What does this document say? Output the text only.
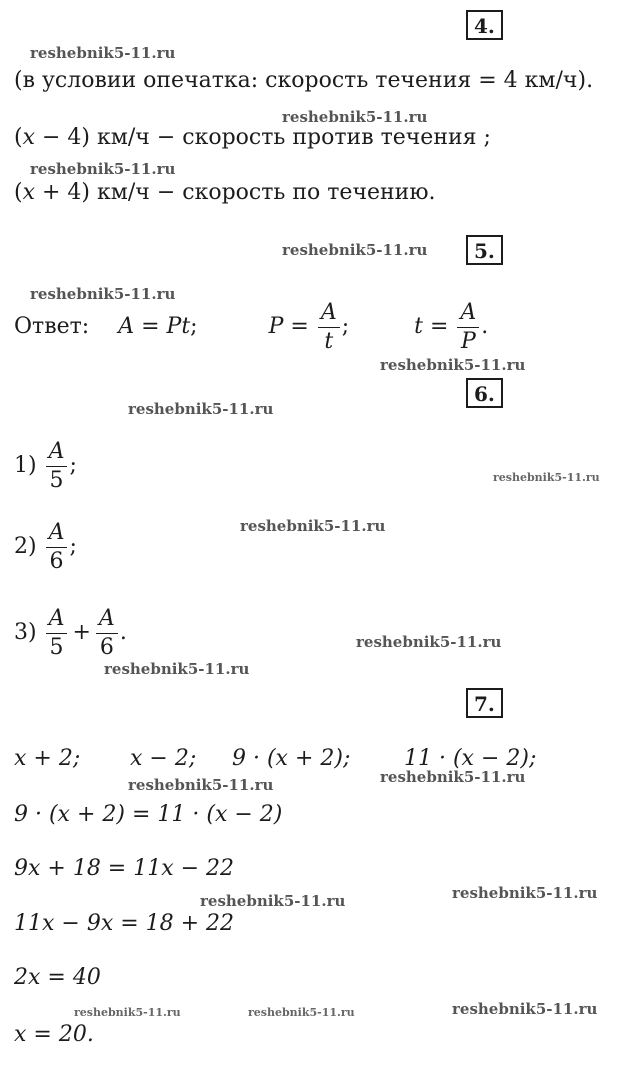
4.
(в условии опечатка: скорость течения = 4 км/ч).
(x − 4) км/ч − скорость против течения ;
(x + 4) км/ч − скорость по течению.
5.
Ответ: A = Pt;	$P = \frac{A}{t}$ ;	$t = \frac{A}{P}$ .
6.
$1) \frac{A}{5}$ ;
$2) \frac{A}{6}$ ;
$3) \frac{A}{5} + \frac{A}{6}$ .
7.
x + 2; x − 2; 9 · (x + 2); 11 · (x − 2);
9 · (x + 2) = 11 · (x − 2)
9x + 18 = 11x − 22
11x − 9x = 18 + 22
2x = 40
x = 20.
reshebnik5-11.ru
reshebnik5-11.ru
reshebnik5-11.ru
reshebnik5-11.ru
reshebnik5-11.ru
reshebnik5-11.ru
reshebnik5-11.ru
reshebnik5-11.ru
reshebnik5-11.ru
reshebnik5-11.ru
reshebnik5-11.ru
reshebnik5-11.ru	reshebnik5-11.ru
reshebnik5-11.ru
reshebnik5-11.ru
reshebnik5-11.ru
reshebnik5-11.ru	reshebnik5-11.ru
